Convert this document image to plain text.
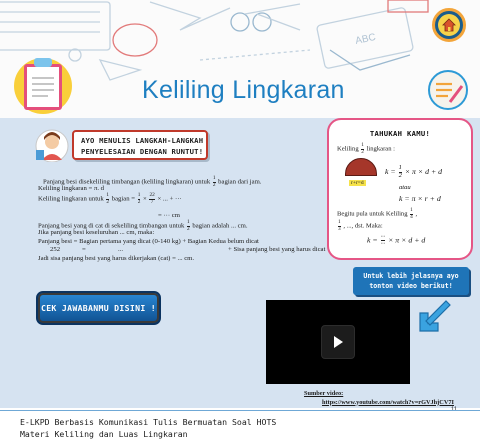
ABC
Keliling Lingkaran
AYO MENULIS LANGKAH-LANGKAH
PENYELESAIAN DENGAN RUNTUT!
Panjang besi disekeliling timbangan (keliling lingkaran) untuk $\frac{1}{2}$ bagian dari jam.
Keliling lingkaran = π. d
Keliling lingkaran untuk $\frac{1}{2}$ bagian = $\frac{1}{2} \times \frac{22}{7}$ × ... + ···
= ··· cm
Panjang besi yang di cat di sekeliling timbangan untuk $\frac{1}{2}$ bagian adalah ... cm.
Jika panjang besi keseluruhan ... cm, maka:
Panjang besi = Bagian pertama yang dicat (0-140 kg) + Bagian Kedua belum dicat
252	=	...	+ Sisa panjang besi yang harus dicat
Jadi sisa panjang besi yang harus dikerjakan (cat) = ... cm.
CEK JAWABANMU DISINI !
TAHUKAH KAMU!
Keliling $\frac{1}{2}$ lingkaran :
r+r=d
$k = \frac{1}{2} \times \pi \times d + d$
atau
k = π × r + d
Begitu pula untuk Keliling $\frac{1}{4}$ ,
$\frac{1}{3}$ , ..., dst. Maka:
$k = \frac{\cdot\cdot\cdot}{\cdot\cdot\cdot} \times \pi \times d + d$
Untuk lebih jelasnya ayo
tonton video berikut!
Sumber video:
https://www.youtube.com/watch?v=rGVJhjCV7I
E-LKPD Berbasis Komunikasi Tulis Bermuatan Soal HOTS
Materi Keliling dan Luas Lingkaran
